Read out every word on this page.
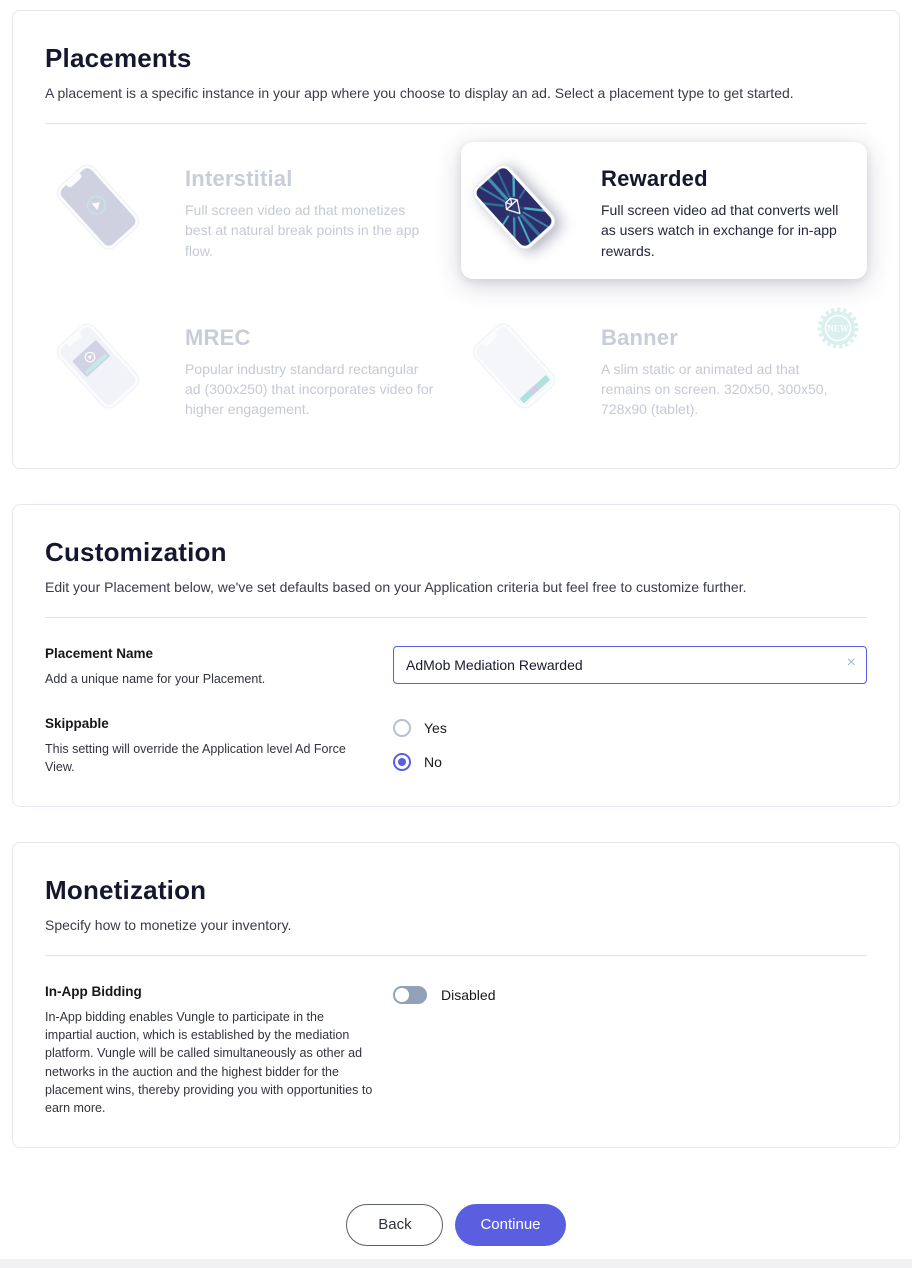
Placements

A placement is a specific instance in your app where you choose to display an ad. Select a placement type to get started.

Interstitial
Full screen video ad that monetizes best at natural break points in the app flow.
Rewarded
Full screen video ad that converts well as users watch in exchange for in-app rewards.
MREC
Popular industry standard rectangular ad (300x250) that incorporates video for higher engagement.
Banner
A slim static or animated ad that remains on screen. 320x50, 300x50, 728x90 (tablet).
NEW
Customization

Edit your Placement below, we've set defaults based on your Application criteria but feel free to customize further.

Placement Name
Add a unique name for your Placement.
AdMob Mediation Rewarded
×
Skippable
This setting will override the Application level Ad Force View.
Yes
No
Monetization

Specify how to monetize your inventory.

In-App Bidding
In-App bidding enables Vungle to participate in the impartial auction, which is established by the mediation platform. Vungle will be called simultaneously as other ad networks in the auction and the highest bidder for the placement wins, thereby providing you with opportunities to earn more.
Disabled
Back	Continue
